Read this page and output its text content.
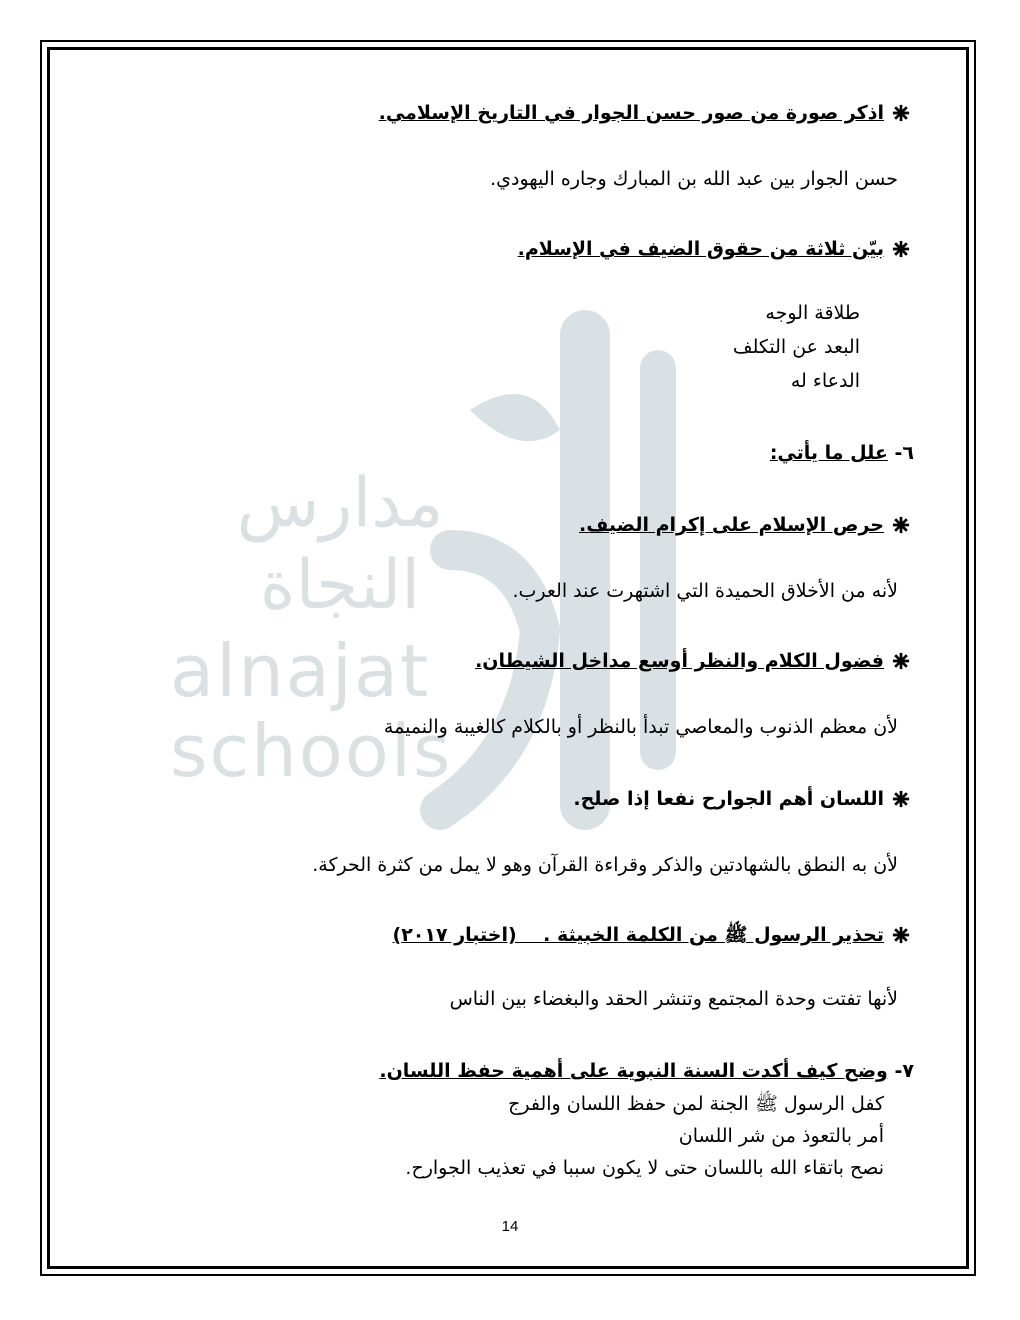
مدارس
النجاة
alnajat
schools
اذكر صورة من صور حسن الجوار في التاريخ الإسلامي.
حسن الجوار بين عبد الله بن المبارك وجاره اليهودي.
بيّن ثلاثة من حقوق الضيف في الإسلام.
طلاقة الوجه
البعد عن التكلف
الدعاء له
٦- علل ما يأتي:
حرص الإسلام على إكرام الضيف.
لأنه من الأخلاق الحميدة التي اشتهرت عند العرب.
فضول الكلام والنظر أوسع مداخل الشيطان.
لأن معظم الذنوب والمعاصي تبدأ بالنظر أو بالكلام كالغيبة والنميمة
اللسان أهم الجوارح نفعا إذا صلح.
لأن به النطق بالشهادتين والذكر وقراءة القرآن وهو لا يمل من كثرة الحركة.
تحذير الرسول ﷺ من الكلمة الخبيثة .    (اختبار ٢٠١٧)
لأنها تفتت وحدة المجتمع وتنشر الحقد والبغضاء بين الناس
٧- وضح كيف أكدت السنة النبوية على أهمية حفظ اللسان.
كفل الرسول ﷺ الجنة لمن حفظ اللسان والفرج
أمر بالتعوذ من شر اللسان
نصح باتقاء الله باللسان حتى لا يكون سببا في تعذيب الجوارح.
14
